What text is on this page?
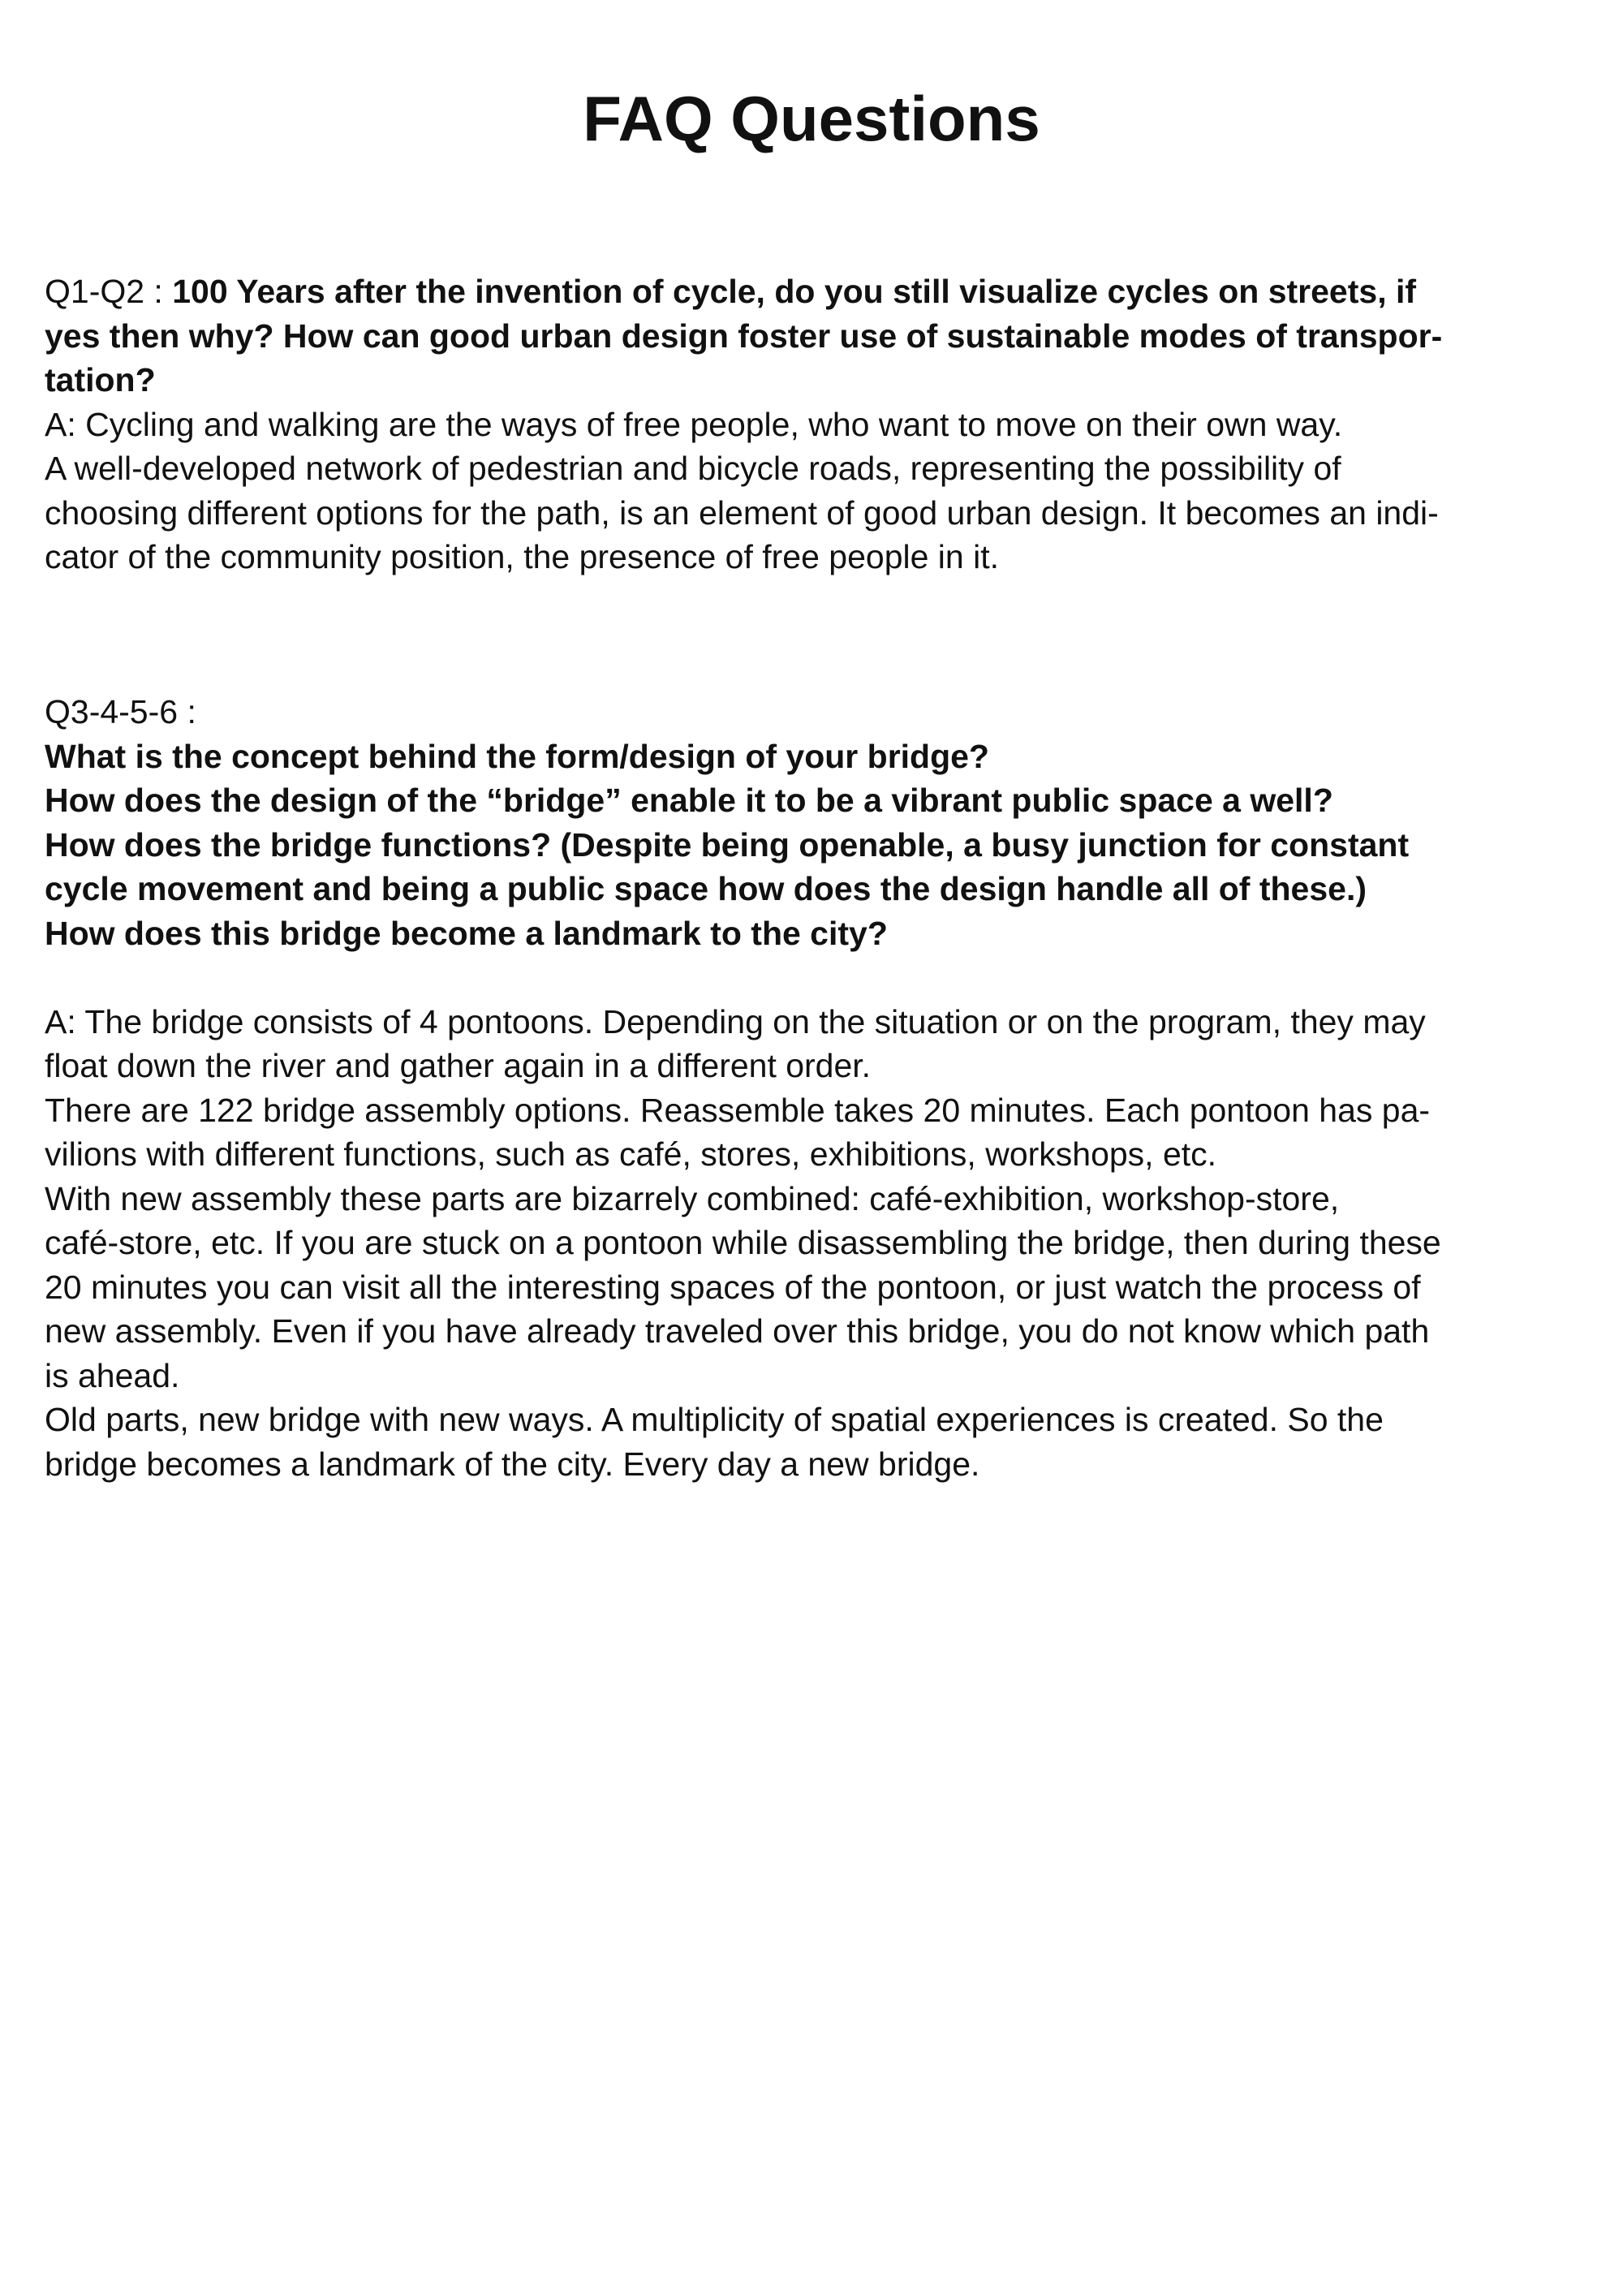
FAQ Questions
Q1-Q2 : 100 Years after the invention of cycle, do you still visualize cycles on streets, if
yes then why? How can good urban design foster use of sustainable modes of transpor-
tation?
A: Cycling and walking are the ways of free people, who want to move on their own way.
A well-developed network of pedestrian and bicycle roads, representing the possibility of
choosing different options for the path, is an element of good urban design. It becomes an indi-
cator of the community position, the presence of free people in it.
Q3-4-5-6 :
What is the concept behind the form/design of your bridge?
How does the design of the “bridge” enable it to be a vibrant public space a well?
How does the bridge functions? (Despite being openable, a busy junction for constant
cycle movement and being a public space how does the design handle all of these.)
How does this bridge become a landmark to the city?
A: The bridge consists of 4 pontoons. Depending on the situation or on the program, they may
float down the river and gather again in a different order.
There are 122 bridge assembly options. Reassemble takes 20 minutes. Each pontoon has pa-
vilions with different functions, such as café, stores, exhibitions, workshops, etc.
With new assembly these parts are bizarrely combined: café-exhibition, workshop-store,
café-store, etc. If you are stuck on a pontoon while disassembling the bridge, then during these
20 minutes you can visit all the interesting spaces of the pontoon, or just watch the process of
new assembly. Even if you have already traveled over this bridge, you do not know which path
is ahead.
Old parts, new bridge with new ways. A multiplicity of spatial experiences is created. So the
bridge becomes a landmark of the city. Every day a new bridge.
